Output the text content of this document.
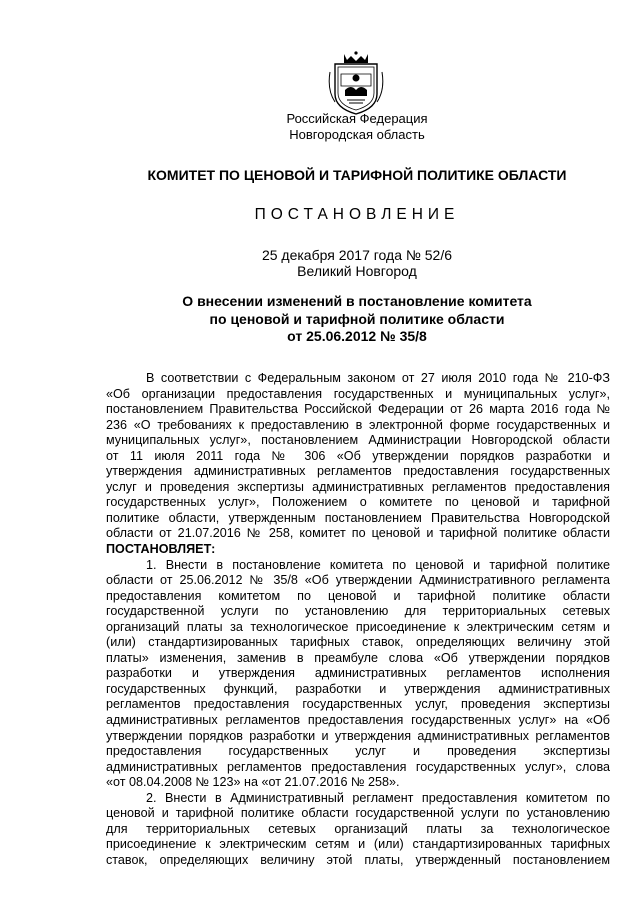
Российская Федерация
Новгородская область
КОМИТЕТ ПО ЦЕНОВОЙ И ТАРИФНОЙ ПОЛИТИКЕ ОБЛАСТИ
ПОСТАНОВЛЕНИЕ
25 декабря 2017 года № 52/6
Великий Новгород
О внесении изменений в постановление комитета
по ценовой и тарифной политике области
от 25.06.2012 № 35/8
В соответствии с Федеральным законом от 27 июля 2010 года № 210-ФЗ
«Об организации предоставления государственных и муниципальных услуг»,
постановлением Правительства Российской Федерации от 26 марта 2016 года №
236 «О требованиях к предоставлению в электронной форме государственных и
муниципальных услуг», постановлением Администрации Новгородской области
от 11 июля 2011 года № 306 «Об утверждении порядков разработки и
утверждения административных регламентов предоставления государственных
услуг и проведения экспертизы административных регламентов предоставления
государственных услуг», Положением о комитете по ценовой и тарифной
политике области, утвержденным постановлением Правительства Новгородской
области от 21.07.2016 № 258, комитет по ценовой и тарифной политике области
ПОСТАНОВЛЯЕТ:
1. Внести в постановление комитета по ценовой и тарифной политике
области от 25.06.2012 № 35/8 «Об утверждении Административного регламента
предоставления комитетом по ценовой и тарифной политике области
государственной услуги по установлению для территориальных сетевых
организаций платы за технологическое присоединение к электрическим сетям и
(или) стандартизированных тарифных ставок, определяющих величину этой
платы» изменения, заменив в преамбуле слова «Об утверждении порядков
разработки и утверждения административных регламентов исполнения
государственных функций, разработки и утверждения административных
регламентов предоставления государственных услуг, проведения экспертизы
административных регламентов предоставления государственных услуг» на «Об
утверждении порядков разработки и утверждения административных регламентов
предоставления государственных услуг и проведения экспертизы
административных регламентов предоставления государственных услуг», слова
«от 08.04.2008 № 123» на «от 21.07.2016 № 258».
2. Внести в Административный регламент предоставления комитетом по
ценовой и тарифной политике области государственной услуги по установлению
для территориальных сетевых организаций платы за технологическое
присоединение к электрическим сетям и (или) стандартизированных тарифных
ставок, определяющих величину этой платы, утвержденный постановлением
